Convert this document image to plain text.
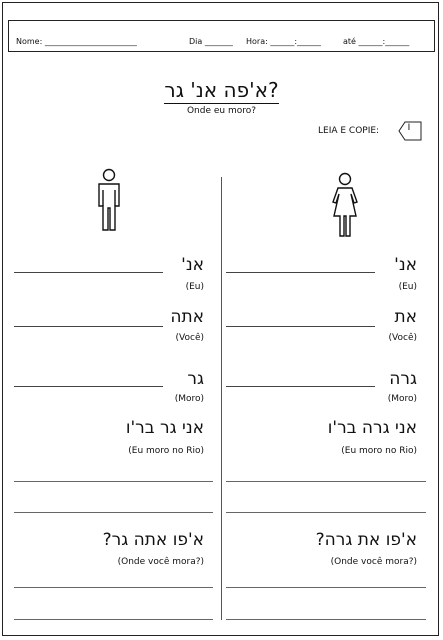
Nome: _______________________	Dia _______ Hora: ______:______	até ______:______
א'פה אנ' גר?
Onde eu moro?
LEIA E COPIE:	I
אנ'
(Eu)
אתה
(Você)
גר
(Moro)
אני גר בר'ו
(Eu moro no Rio)
א'פו אתה גר?
(Onde você mora?)
אנ'
(Eu)
את
(Você)
גרה
(Moro)
אני גרה בר'ו
(Eu moro no Rio)
א'פו את גרה?
(Onde você mora?)
